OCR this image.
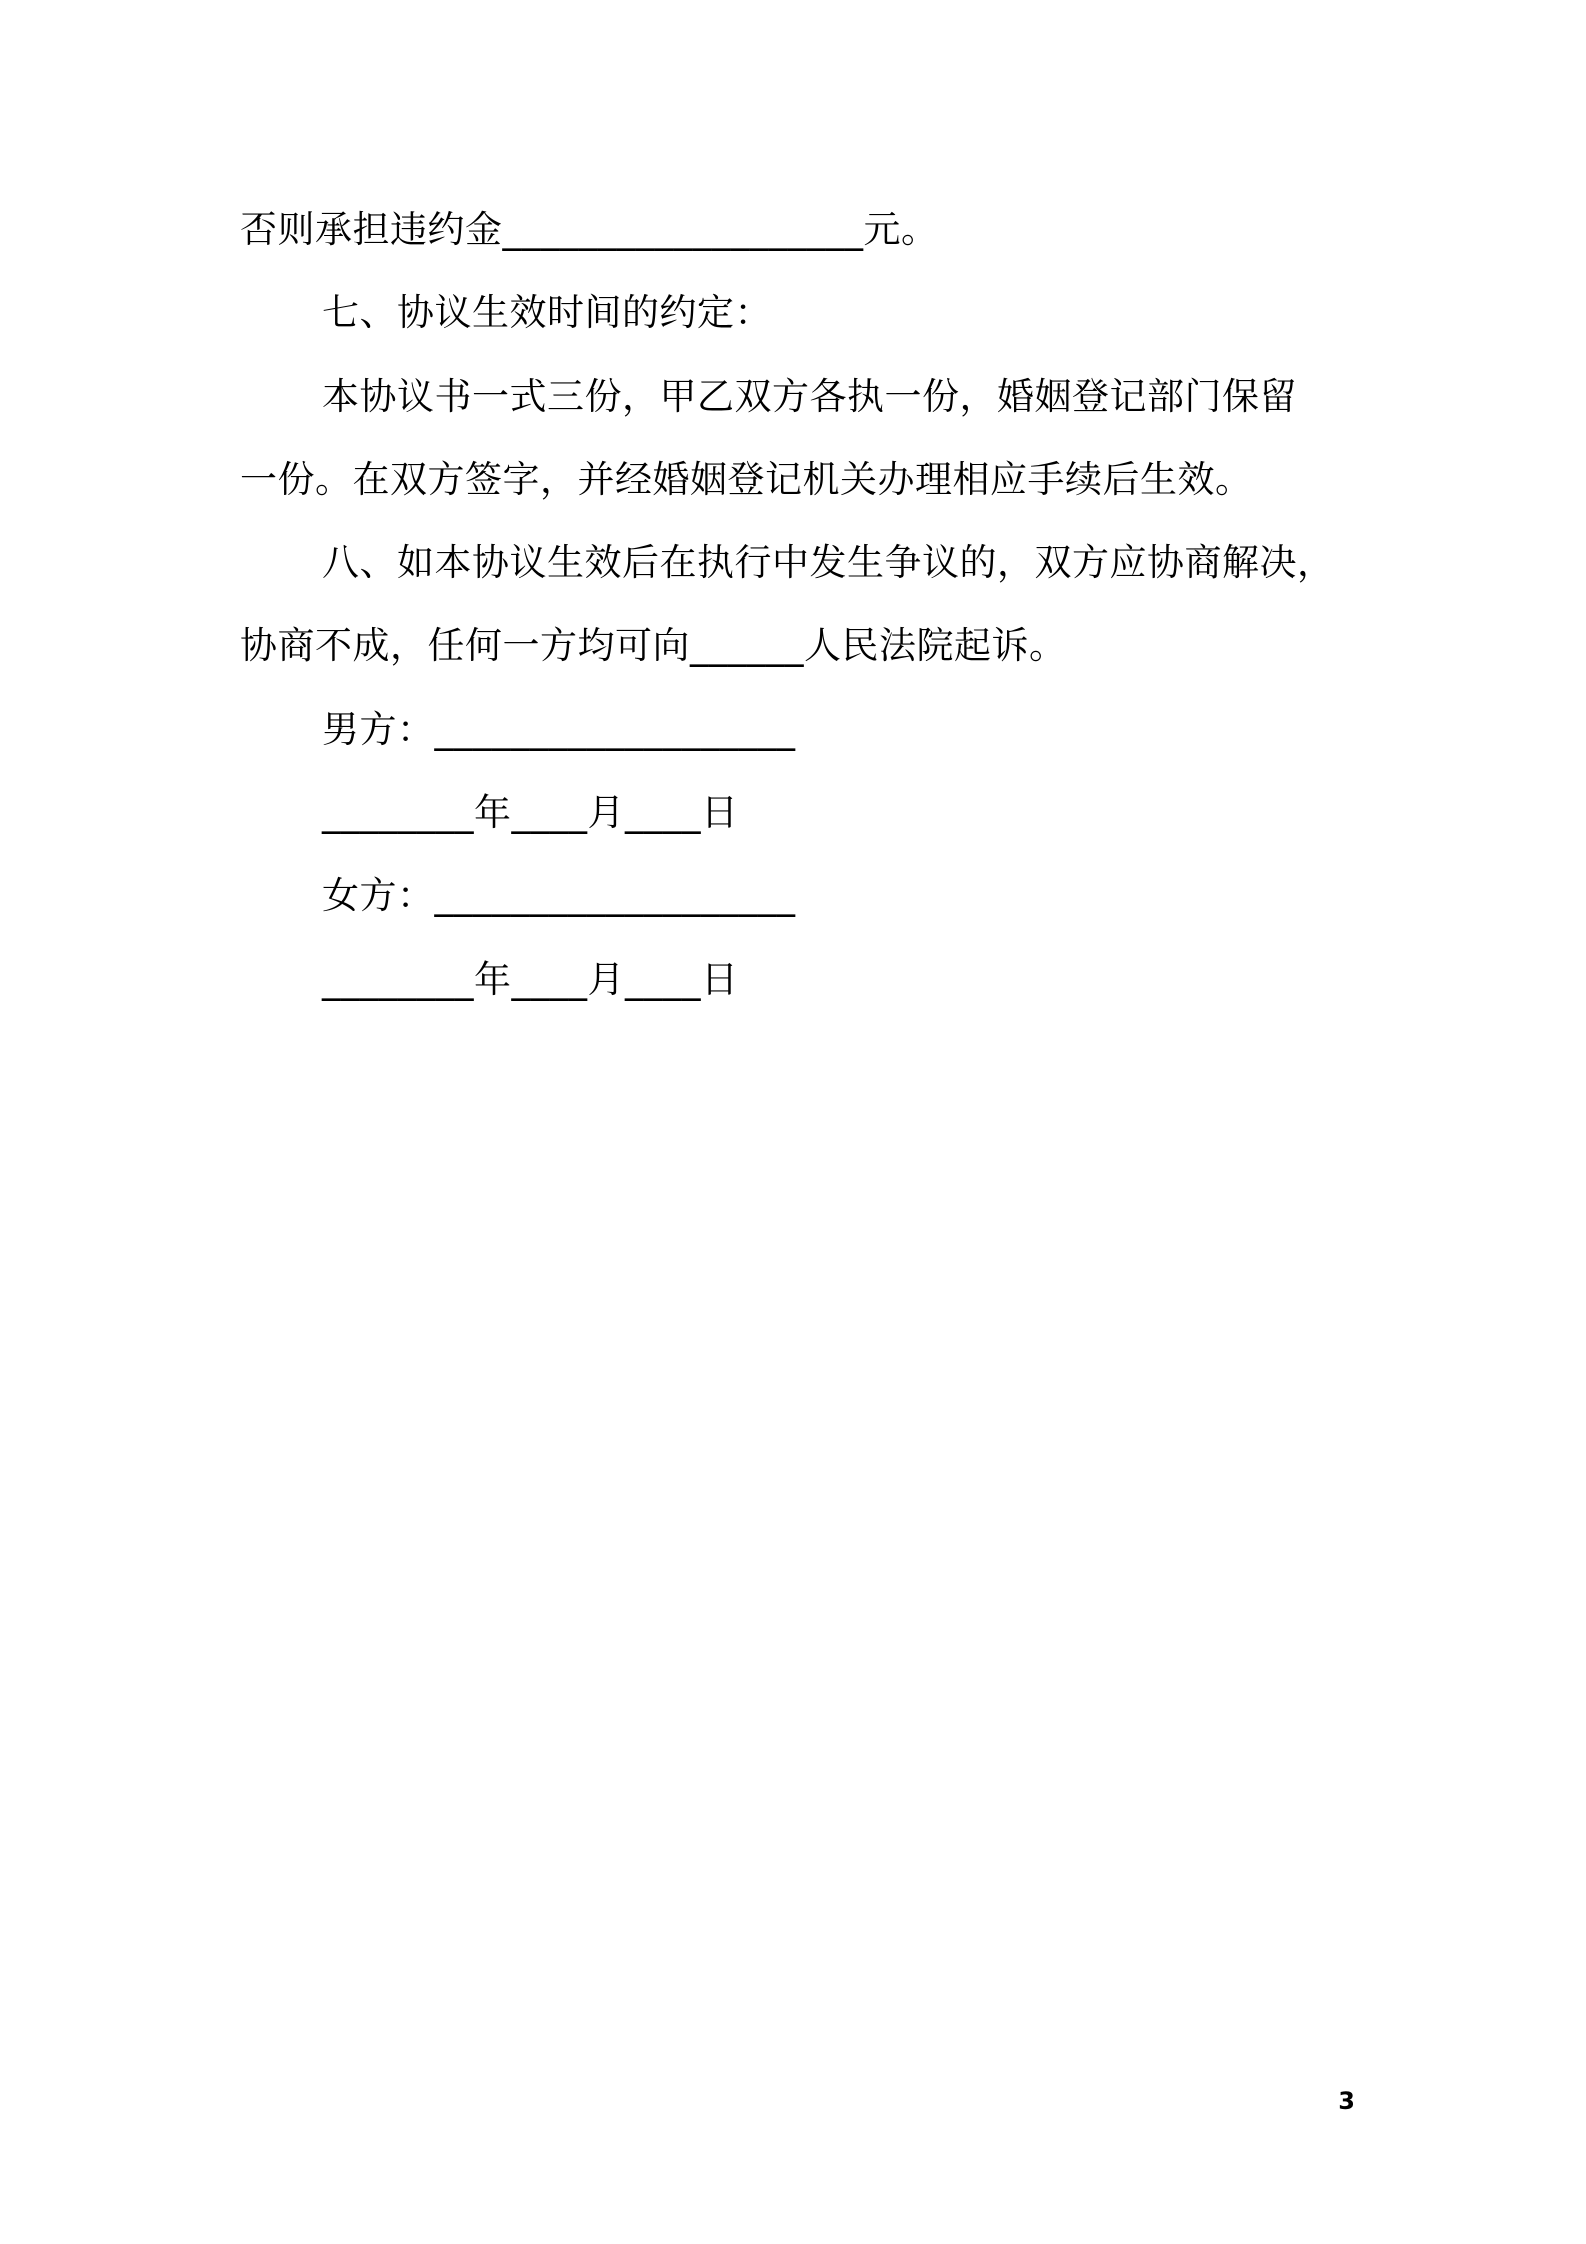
否则承担违约金___________________元。
七、协议生效时间的约定：
本协议书一式三份，甲乙双方各执一份，婚姻登记部门保留
一份。在双方签字，并经婚姻登记机关办理相应手续后生效。
八、如本协议生效后在执行中发生争议的，双方应协商解决，
协商不成，任何一方均可向______人民法院起诉。
男方：___________________
________年____月____日
女方：___________________
________年____月____日
3
